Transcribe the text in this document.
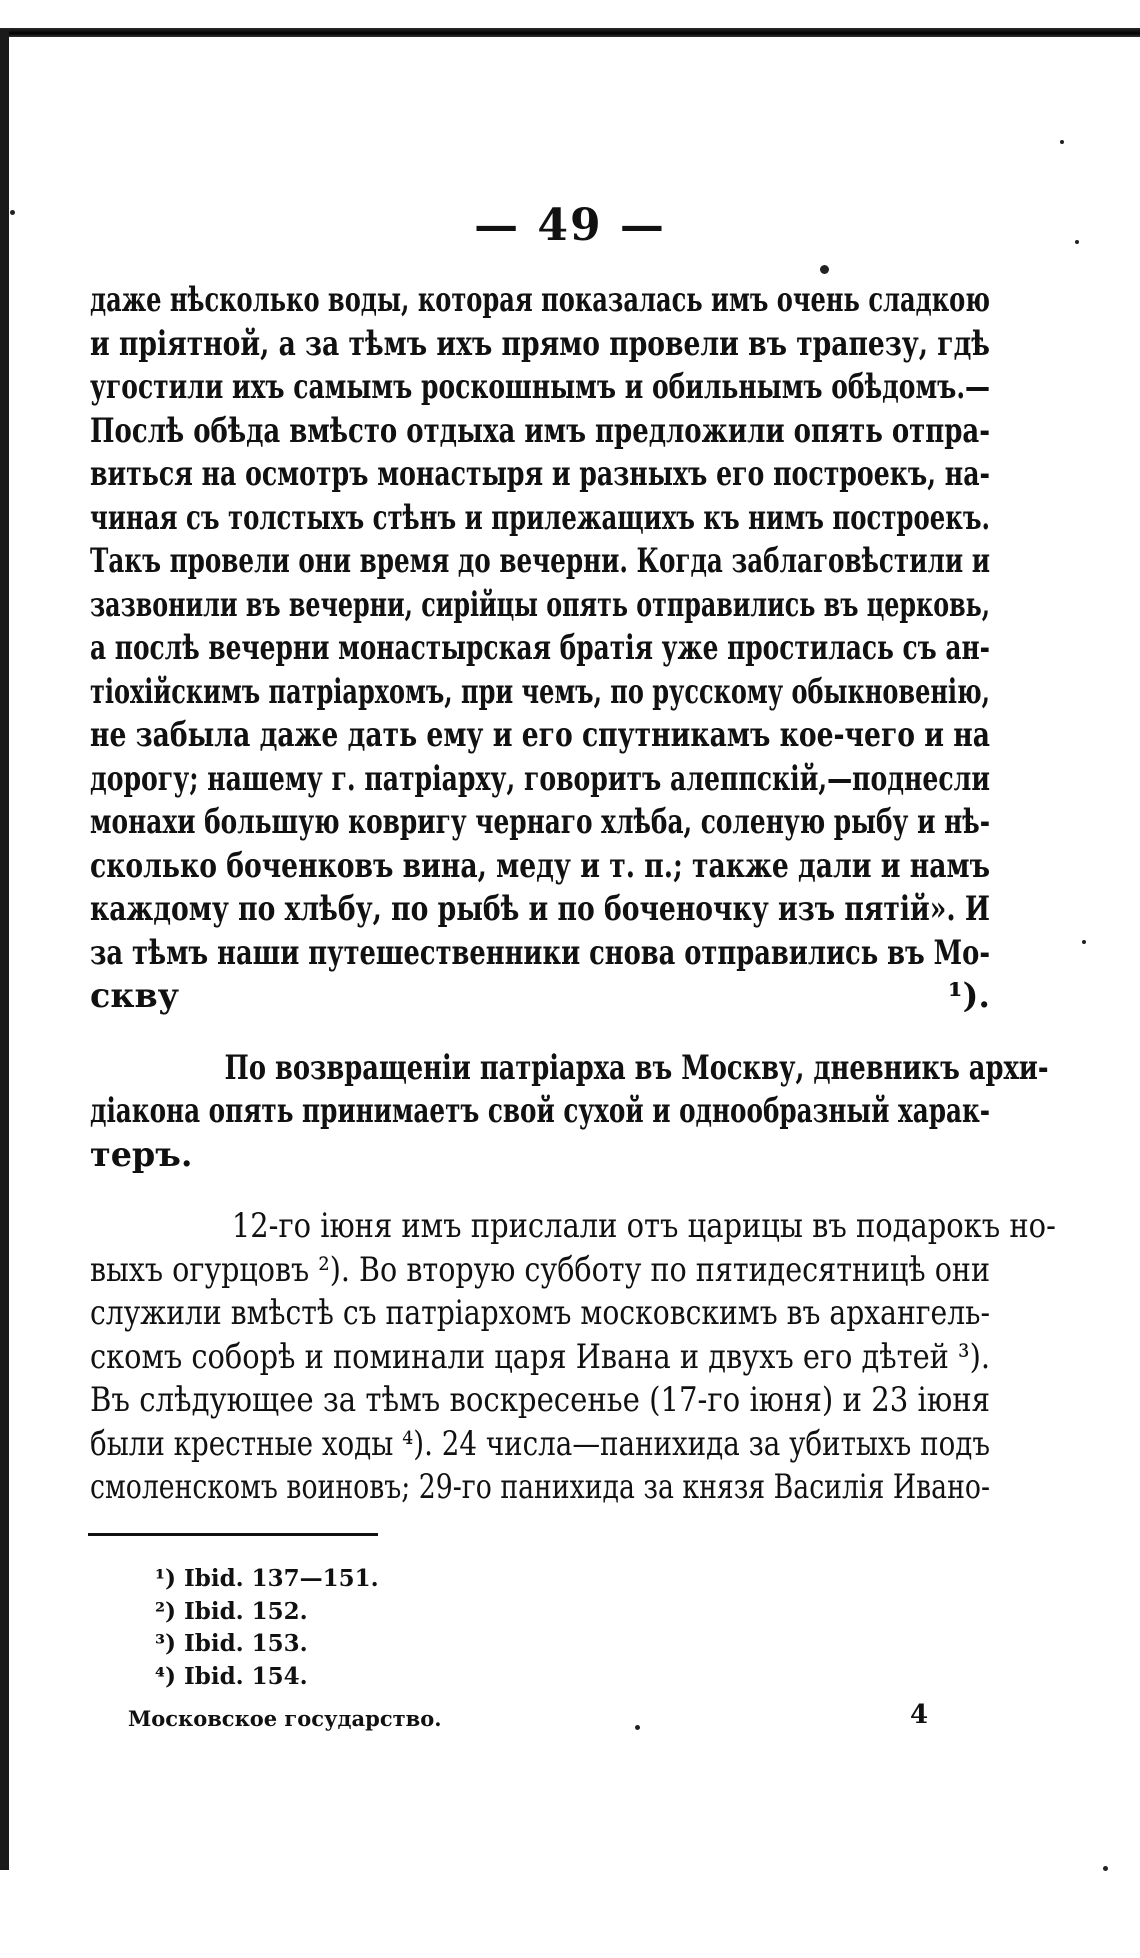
— 49 —

даже нѣсколько воды, которая показалась имъ очень сладкою
и пріятной, а за тѣмъ ихъ прямо провели въ трапезу, гдѣ
угостили ихъ самымъ роскошнымъ и обильнымъ обѣдомъ.—
Послѣ обѣда вмѣсто отдыха имъ предложили опять отпра-
виться на осмотръ монастыря и разныхъ его построекъ, на-
чиная съ толстыхъ стѣнъ и прилежащихъ къ нимъ построекъ.
Такъ провели они время до вечерни. Когда заблаговѣстили и
зазвонили въ вечерни, сирійцы опять отправились въ церковь,
а послѣ вечерни монастырская братія уже простилась съ ан-
тіохійскимъ патріархомъ, при чемъ, по русскому обыкновенію,
не забыла даже дать ему и его спутникамъ кое-чего и на
дорогу; нашему г. патріарху, говоритъ алеппскій,—поднесли
монахи большую ковригу чернаго хлѣба, соленую рыбу и нѣ-
сколько боченковъ вина, меду и т. п.; также дали и намъ
каждому по хлѣбу, по рыбѣ и по боченочку изъ пятій». И
за тѣмъ наши путешественники снова отправились въ Мо-
скву ¹).

По возвращеніи патріарха въ Москву, дневникъ архи-
діакона опять принимаетъ свой сухой и однообразный харак-
теръ.

12-го іюня имъ прислали отъ царицы въ подарокъ но-
выхъ огурцовъ ²). Во вторую субботу по пятидесятницѣ они
служили вмѣстѣ съ патріархомъ московскимъ въ архангель-
скомъ соборѣ и поминали царя Ивана и двухъ его дѣтей ³).
Въ слѣдующее за тѣмъ воскресенье (17-го іюня) и 23 іюня
были крестные ходы ⁴). 24 числа—панихида за убитыхъ подъ
смоленскомъ воиновъ; 29-го панихида за князя Василія Ивано-

¹) Ibid. 137—151.
²) Ibid. 152.
³) Ibid. 153.
⁴) Ibid. 154.
Московское государство.	4
